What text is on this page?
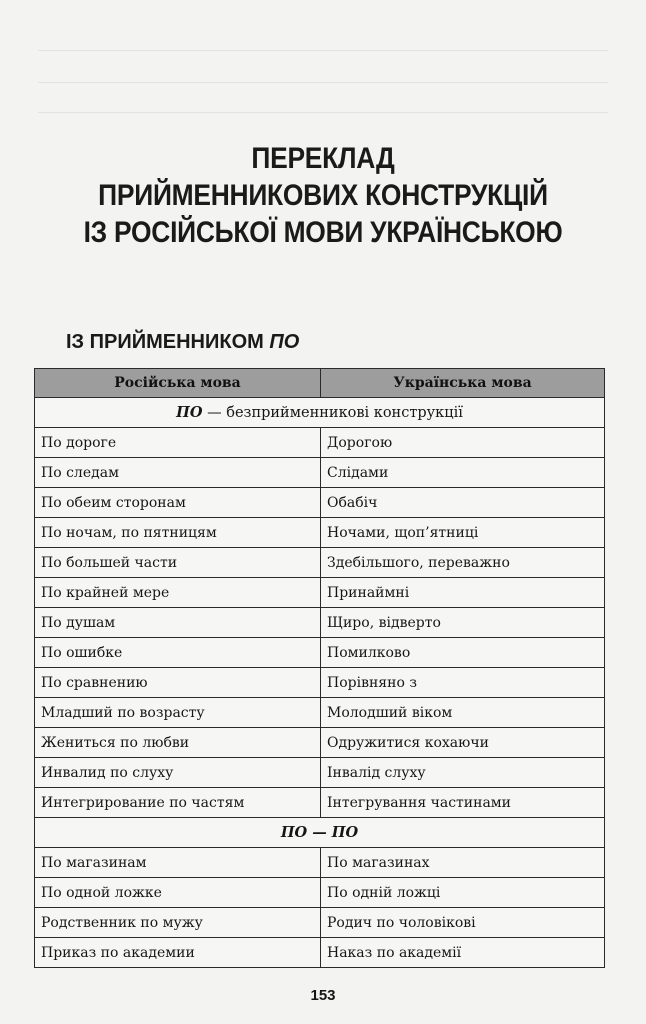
ПЕРЕКЛАД
ПРИЙМЕННИКОВИХ КОНСТРУКЦІЙ
ІЗ РОСІЙСЬКОЇ МОВИ УКРАЇНСЬКОЮ
ІЗ ПРИЙМЕННИКОМ ПО
Російська мова	Українська мова
ПО — безприйменникові конструкції	
По дороге	Дорогою
По следам	Слідами
По обеим сторонам	Обабіч
По ночам, по пятницям	Ночами, щоп’ятниці
По большей части	Здебільшого, переважно
По крайней мере	Принаймні
По душам	Щиро, відверто
По ошибке	Помилково
По сравнению	Порівняно з
Младший по возрасту	Молодший віком
Жениться по любви	Одружитися кохаючи
Инвалид по слуху	Інвалід слуху
Интегрирование по частям	Інтегрування частинами
ПО — ПО	
По магазинам	По магазинах
По одной ложке	По одній ложці
Родственник по мужу	Родич по чоловікові
Приказ по академии	Наказ по академії
153
